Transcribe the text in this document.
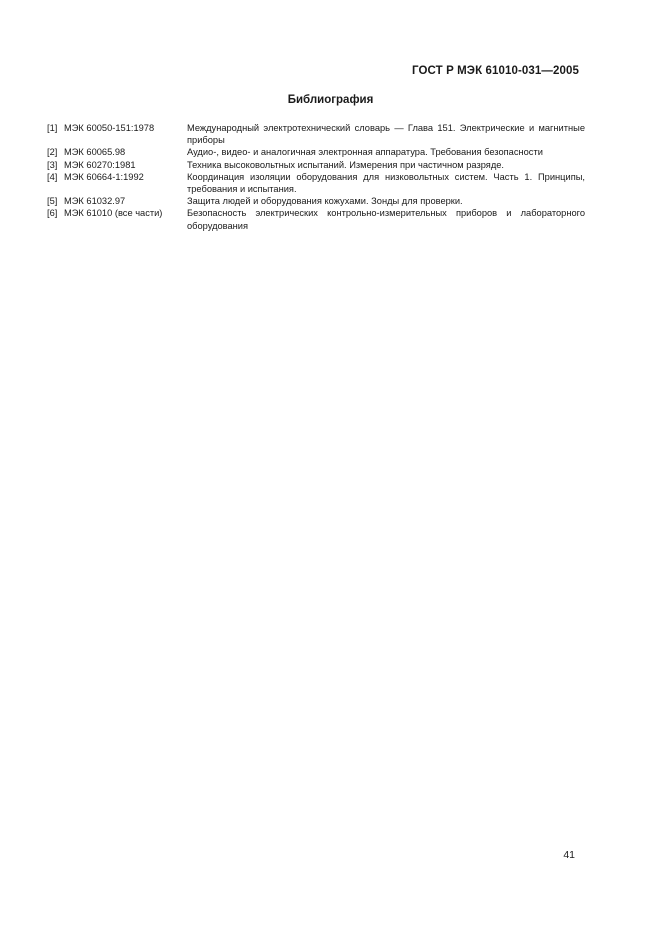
ГОСТ Р МЭК 61010-031—2005
Библиография
[1] МЭК 60050-151:1978	Международный электротехнический словарь — Глава 151. Электрические и магнитные приборы
[2] МЭК 60065.98	Аудио-, видео- и аналогичная электронная аппаратура. Требования безопасности
[3] МЭК 60270:1981	Техника высоковольтных испытаний. Измерения при частичном разряде.
[4] МЭК 60664-1:1992	Координация изоляции оборудования для низковольтных систем. Часть 1. Принципы, требования и испытания.
[5] МЭК 61032.97	Защита людей и оборудования кожухами. Зонды для проверки.
[6] МЭК 61010 (все части)	Безопасность электрических контрольно-измерительных приборов и лабораторного оборудования
41
